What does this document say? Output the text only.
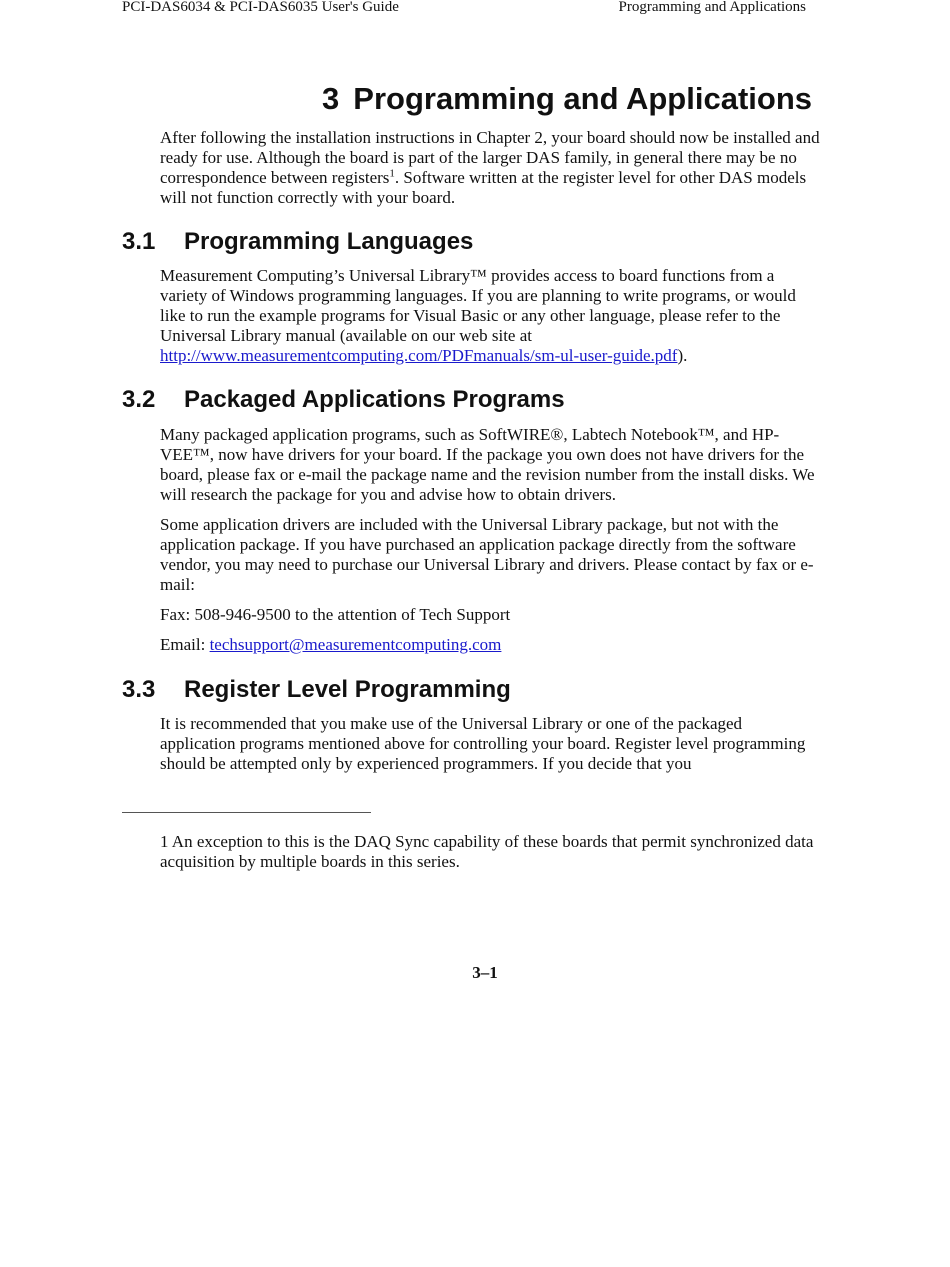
PCI-DAS6034 & PCI-DAS6035 User's Guide	Programming and Applications
3 Programming and Applications

After following the installation instructions in Chapter 2, your board should now be installed and ready for use. Although the board is part of the larger DAS family, in general there may be no correspondence between registers$^1$. Software written at the register level for other DAS models will not function correctly with your board.

3.1 Programming Languages

Measurement Computing’s Universal Library™ provides access to board functions from a variety of Windows programming languages. If you are planning to write programs, or would like to run the example programs for Visual Basic or any other language, please refer to the Universal Library manual (available on our web site at http://www.measurementcomputing.com/PDFmanuals/sm-ul-user-guide.pdf).

3.2 Packaged Applications Programs

Many packaged application programs, such as SoftWIRE®, Labtech Notebook™, and HP-VEE™, now have drivers for your board. If the package you own does not have drivers for the board, please fax or e-mail the package name and the revision number from the install disks. We will research the package for you and advise how to obtain drivers.

Some application drivers are included with the Universal Library package, but not with the application package. If you have purchased an application package directly from the software vendor, you may need to purchase our Universal Library and drivers. Please contact by fax or e-mail:

Fax: 508-946-9500 to the attention of Tech Support

Email: techsupport@measurementcomputing.com

3.3 Register Level Programming

It is recommended that you make use of the Universal Library or one of the packaged application programs mentioned above for controlling your board. Register level programming should be attempted only by experienced programmers. If you decide that you

1 An exception to this is the DAQ Sync capability of these boards that permit synchronized data acquisition by multiple boards in this series.

3–1
